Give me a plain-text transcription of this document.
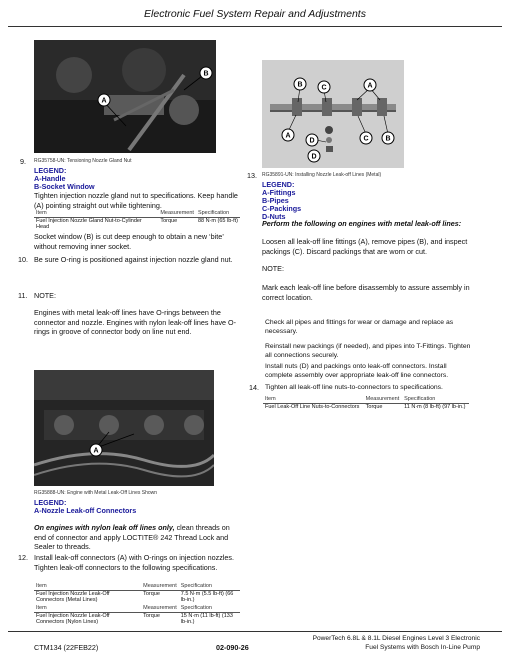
Electronic Fuel System Repair and Adjustments
A
B
9. RG35758-UN: Tensioning Nozzle Gland Nut
LEGEND:
A-Handle
B-Socket Window
Tighten injection nozzle gland nut to specifications. Keep handle (A) pointing straight out while tightening.
Item	Measurement	Specification
Fuel Injection Nozzle Gland Nut-to-Cylinder Head	Torque	88 N·m (65 lb-ft)
Socket window (B) is cut deep enough to obtain a new ‘bite’ without removing inner socket.
10. Be sure O-ring is positioned against injection nozzle gland nut.
11. NOTE:
Engines with metal leak-off lines have O-rings between the connector and nozzle. Engines with nylon leak-off lines have O-rings in groove of connector body on line nut end.
A
RG35888-UN: Engine with Metal Leak-Off Lines Shown
LEGEND:
A-Nozzle Leak-off Connectors
On engines with nylon leak off lines only, clean threads on end of connector and apply LOCTITE® 242 Thread Lock and Sealer to threads.
12. Install leak-off connectors (A) with O-rings on injection nozzles. Tighten leak-off connectors to the following specifications.
Item	Measurement	Specification
Fuel Injection Nozzle Leak-Off Connectors (Metal Lines)	Torque	7.5 N·m (5.5 lb-ft) (66 lb-in.)
Item	Measurement	Specification
Fuel Injection Nozzle Leak-Off Connectors (Nylon Lines)	Torque	15 N·m (11 lb-ft) (133 lb-in.)
B	C	A
A
D	C B
D
13. RG35891-UN: Installing Nozzle Leak-off Lines (Metal)
LEGEND:
A-Fittings
B-Pipes
C-Packings
D-Nuts
Perform the following on engines with metal leak-off lines:
Loosen all leak-off line fittings (A), remove pipes (B), and inspect packings (C). Discard packings that are worn or cut.
NOTE:
Mark each leak-off line before disassembly to assure assembly in correct location.
Check all pipes and fittings for wear or damage and replace as necessary.
Reinstall new packings (if needed), and pipes into T-Fittings. Tighten all connections securely.
Install nuts (D) and packings onto leak-off connectors. Install complete assembly over appropriate leak-off line connectors.
14. Tighten all leak-off line nuts-to-connectors to specifications.
Item	Measurement	Specification
Fuel Leak-Off Line Nuts-to-Connectors	Torque	11 N·m (8 lb-ft) (97 lb-in.)
CTM134 (22FEB22)	02-090-26
PowerTech 6.8L & 8.1L Diesel Engines Level 3 Electronic
Fuel Systems with Bosch In-Line Pump
